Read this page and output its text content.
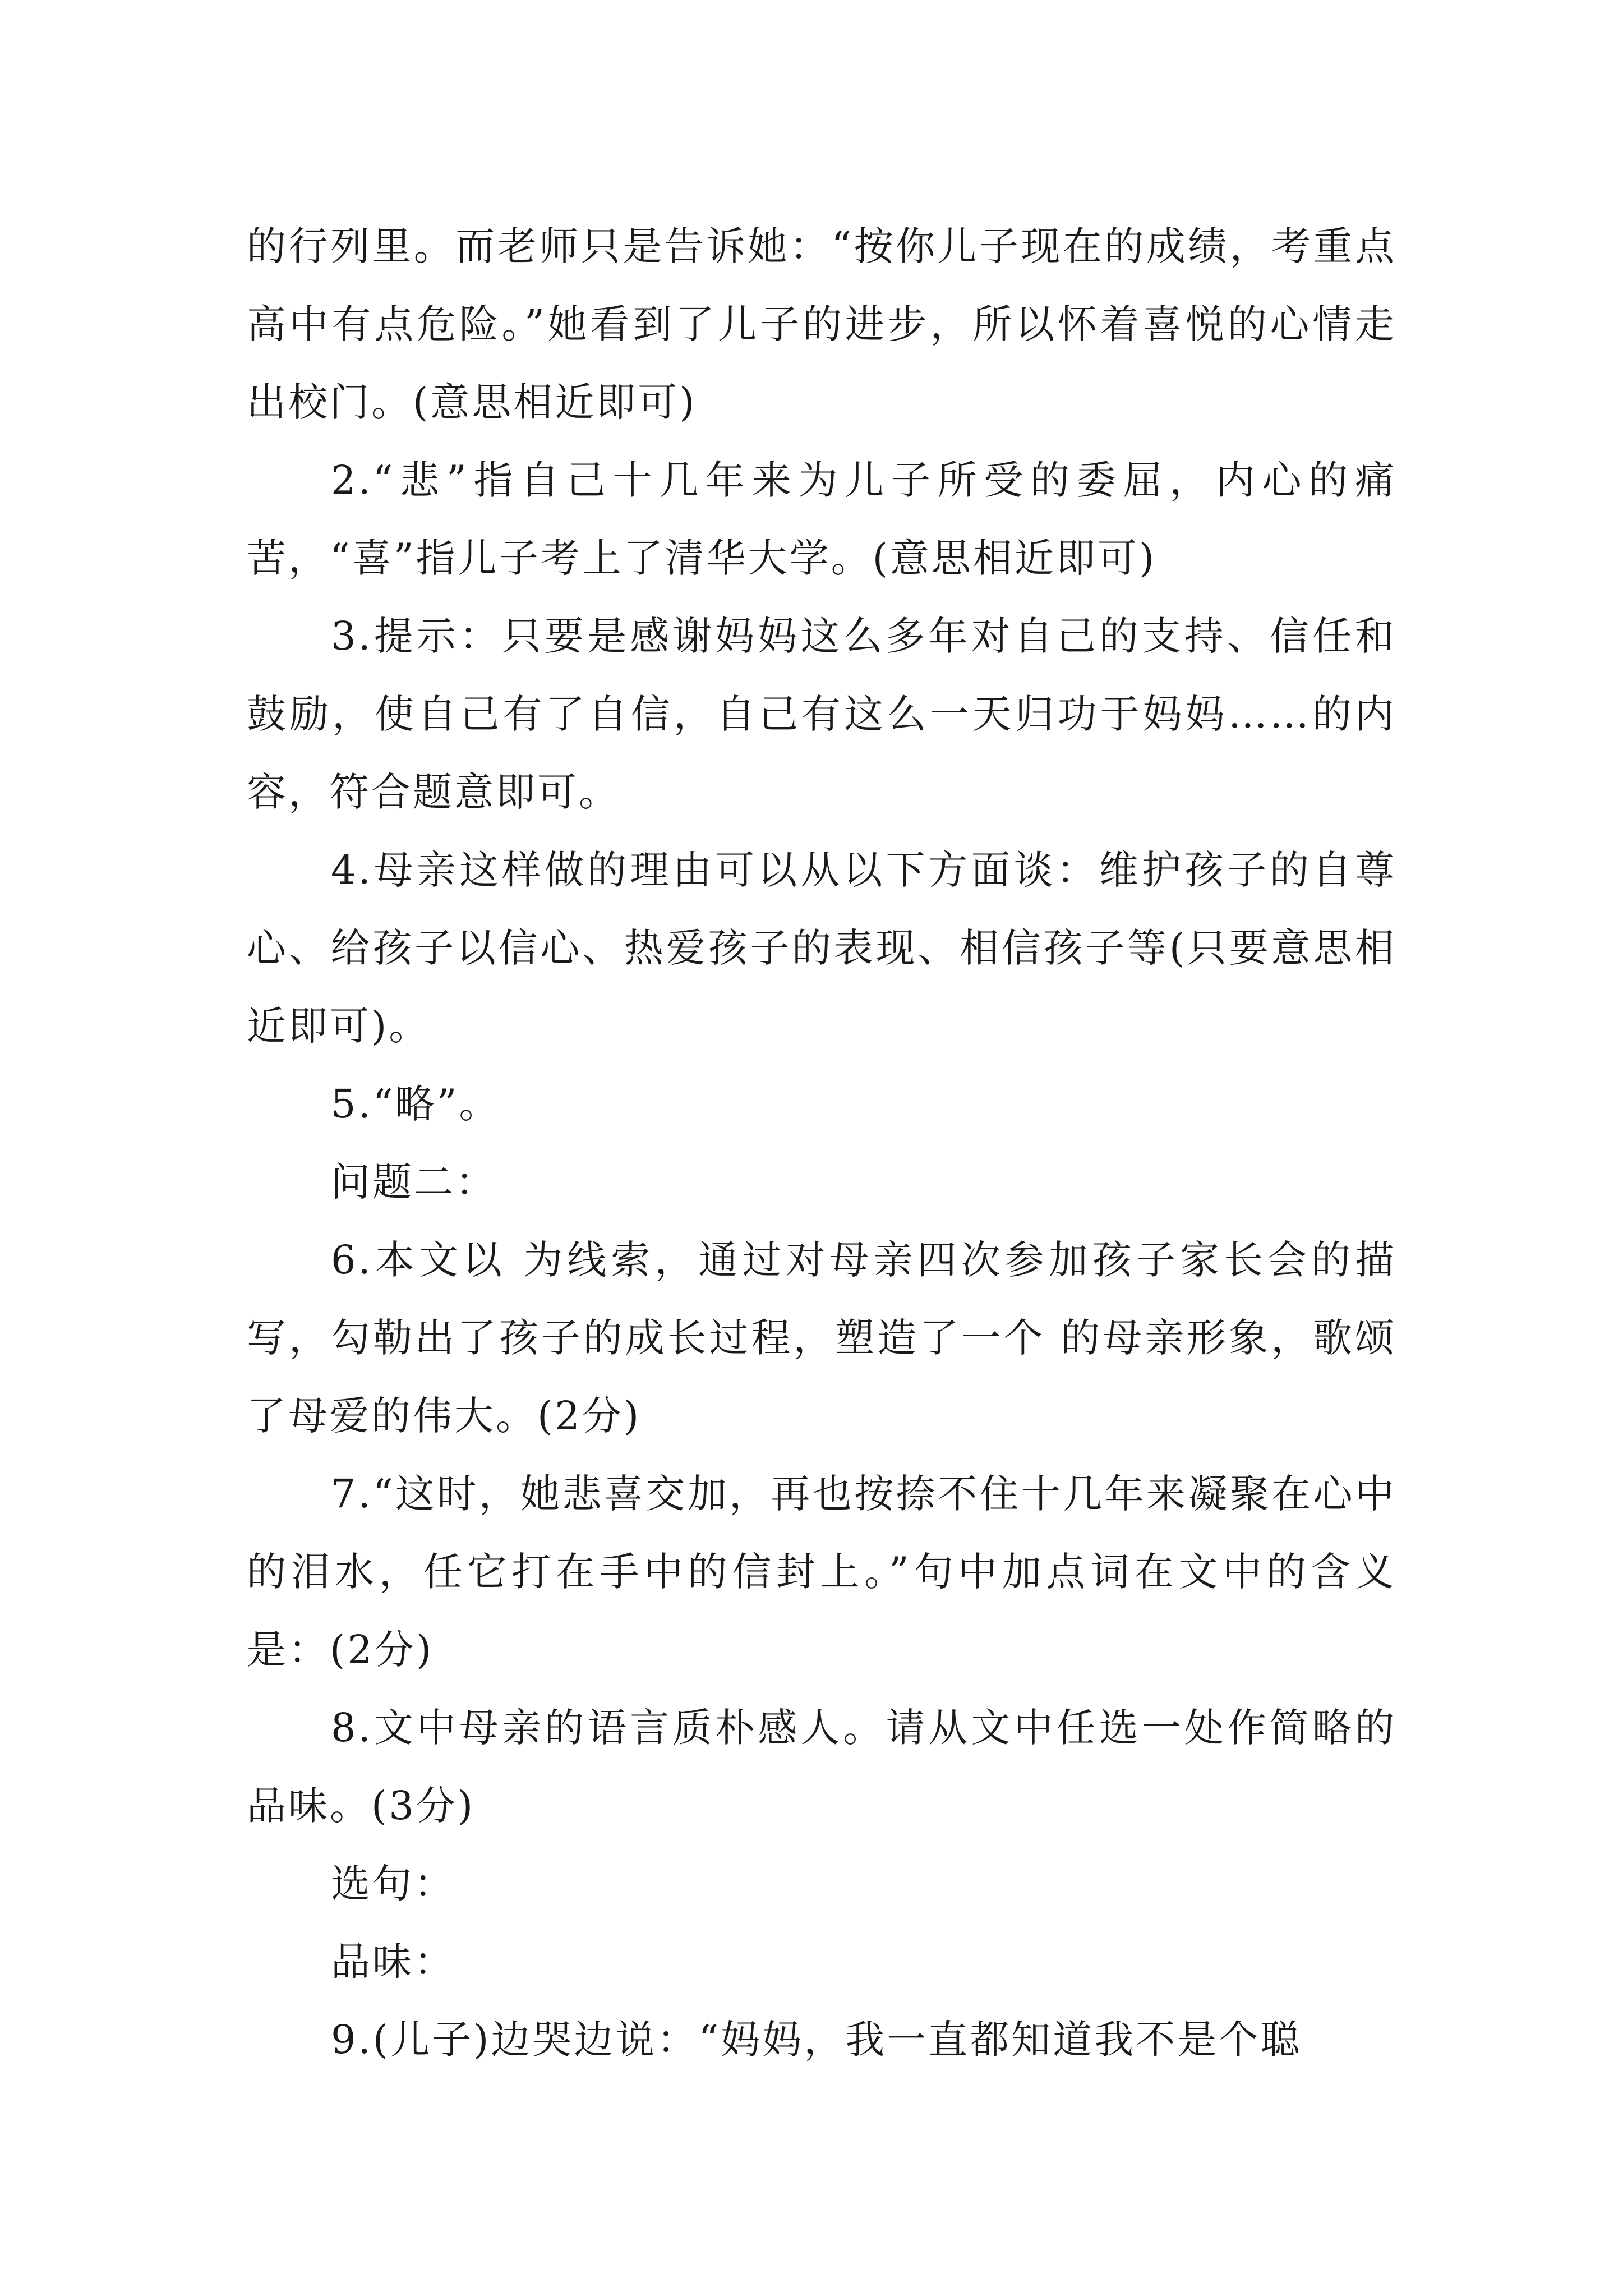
的行列里。而老师只是告诉她：“按你儿子现在的成绩，考重点高中有点危险。”她看到了儿子的进步，所以怀着喜悦的心情走出校门。(意思相近即可)

2.“悲”指自己十几年来为儿子所受的委屈，内心的痛苦，“喜”指儿子考上了清华大学。(意思相近即可)

3.提示：只要是感谢妈妈这么多年对自己的支持、信任和鼓励，使自己有了自信，自己有这么一天归功于妈妈……的内容，符合题意即可。

4.母亲这样做的理由可以从以下方面谈：维护孩子的自尊心、给孩子以信心、热爱孩子的表现、相信孩子等(只要意思相近即可)。

5.“略”。

问题二：

6.本文以 为线索，通过对母亲四次参加孩子家长会的描写，勾勒出了孩子的成长过程，塑造了一个 的母亲形象，歌颂了母爱的伟大。(2分)

7.“这时，她悲喜交加，再也按捺不住十几年来凝聚在心中的泪水，任它打在手中的信封上。”句中加点词在文中的含义是：(2分)

8.文中母亲的语言质朴感人。请从文中任选一处作简略的品味。(3分)

选句：

品味：

9.(儿子)边哭边说：“妈妈，我一直都知道我不是个聪
